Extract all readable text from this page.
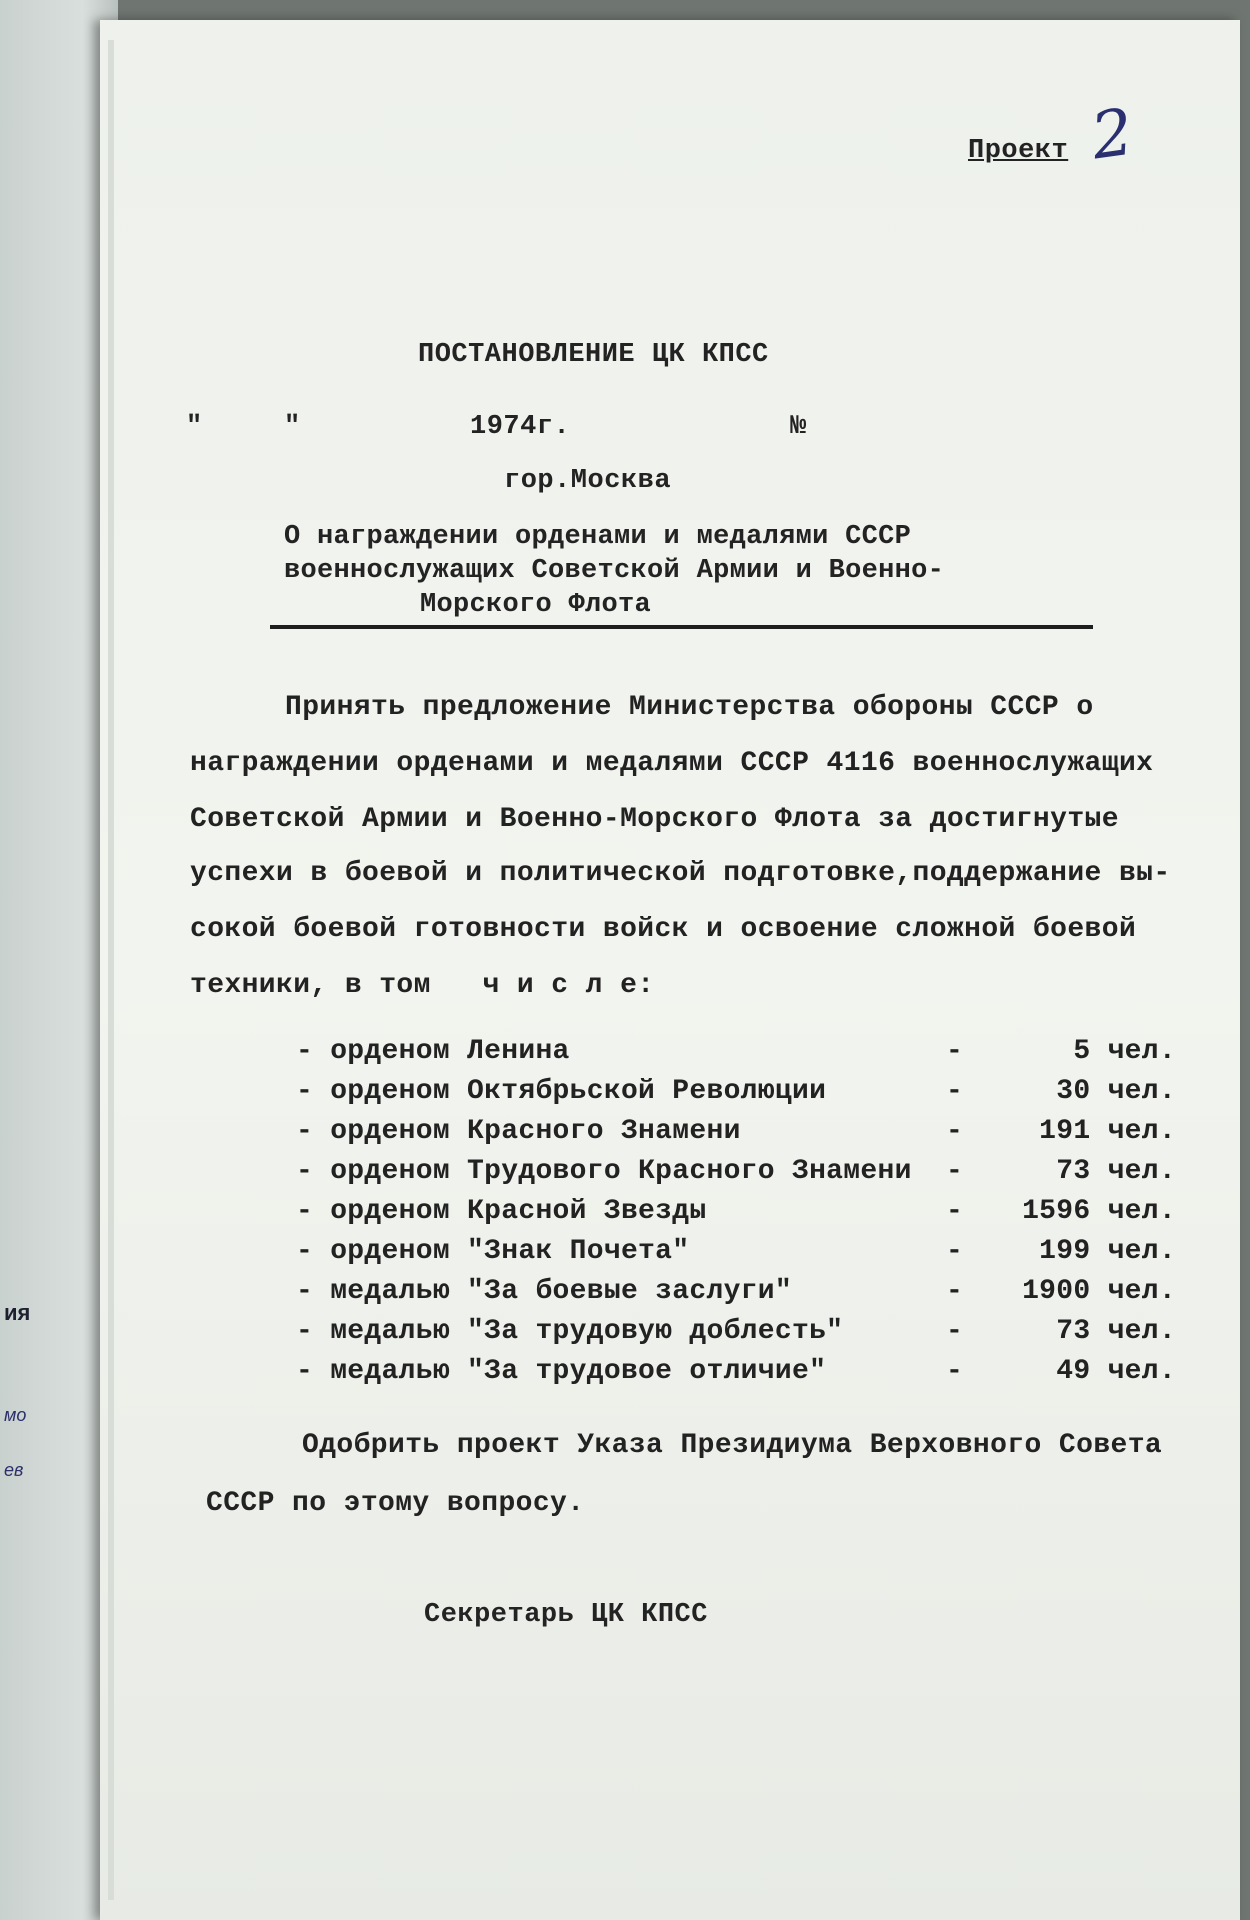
ия
мо
ев
Проект 2
ПОСТАНОВЛЕНИЕ ЦК КПСС
"	"	1974г.	№
гор.Москва
О награждении орденами и медалями СССР
военнослужащих Советской Армии и Военно-
Морского Флота
Принять предложение Министерства обороны СССР о
награждении орденами и медалями СССР 4116 военнослужащих
Советской Армии и Военно-Морского Флота за достигнутые
успехи в боевой и политической подготовке,поддержание вы-
сокой боевой готовности войск и освоение сложной боевой
техники, в том   ч и с л е:
- орденом Ленина	-	5 чел.
- орденом Октябрьской Революции	-	30 чел.
- орденом Красного Знамени	-	191 чел.
- орденом Трудового Красного Знамени -	73 чел.
- орденом Красной Звезды	- 1596 чел.
- орденом "Знак Почета"	-	199 чел.
- медалью "За боевые заслуги"	- 1900 чел.
- медалью "За трудовую доблесть"	-	73 чел.
- медалью "За трудовое отличие"	-	49 чел.
Одобрить проект Указа Президиума Верховного Совета
СССР по этому вопросу.
Секретарь ЦК КПСС
